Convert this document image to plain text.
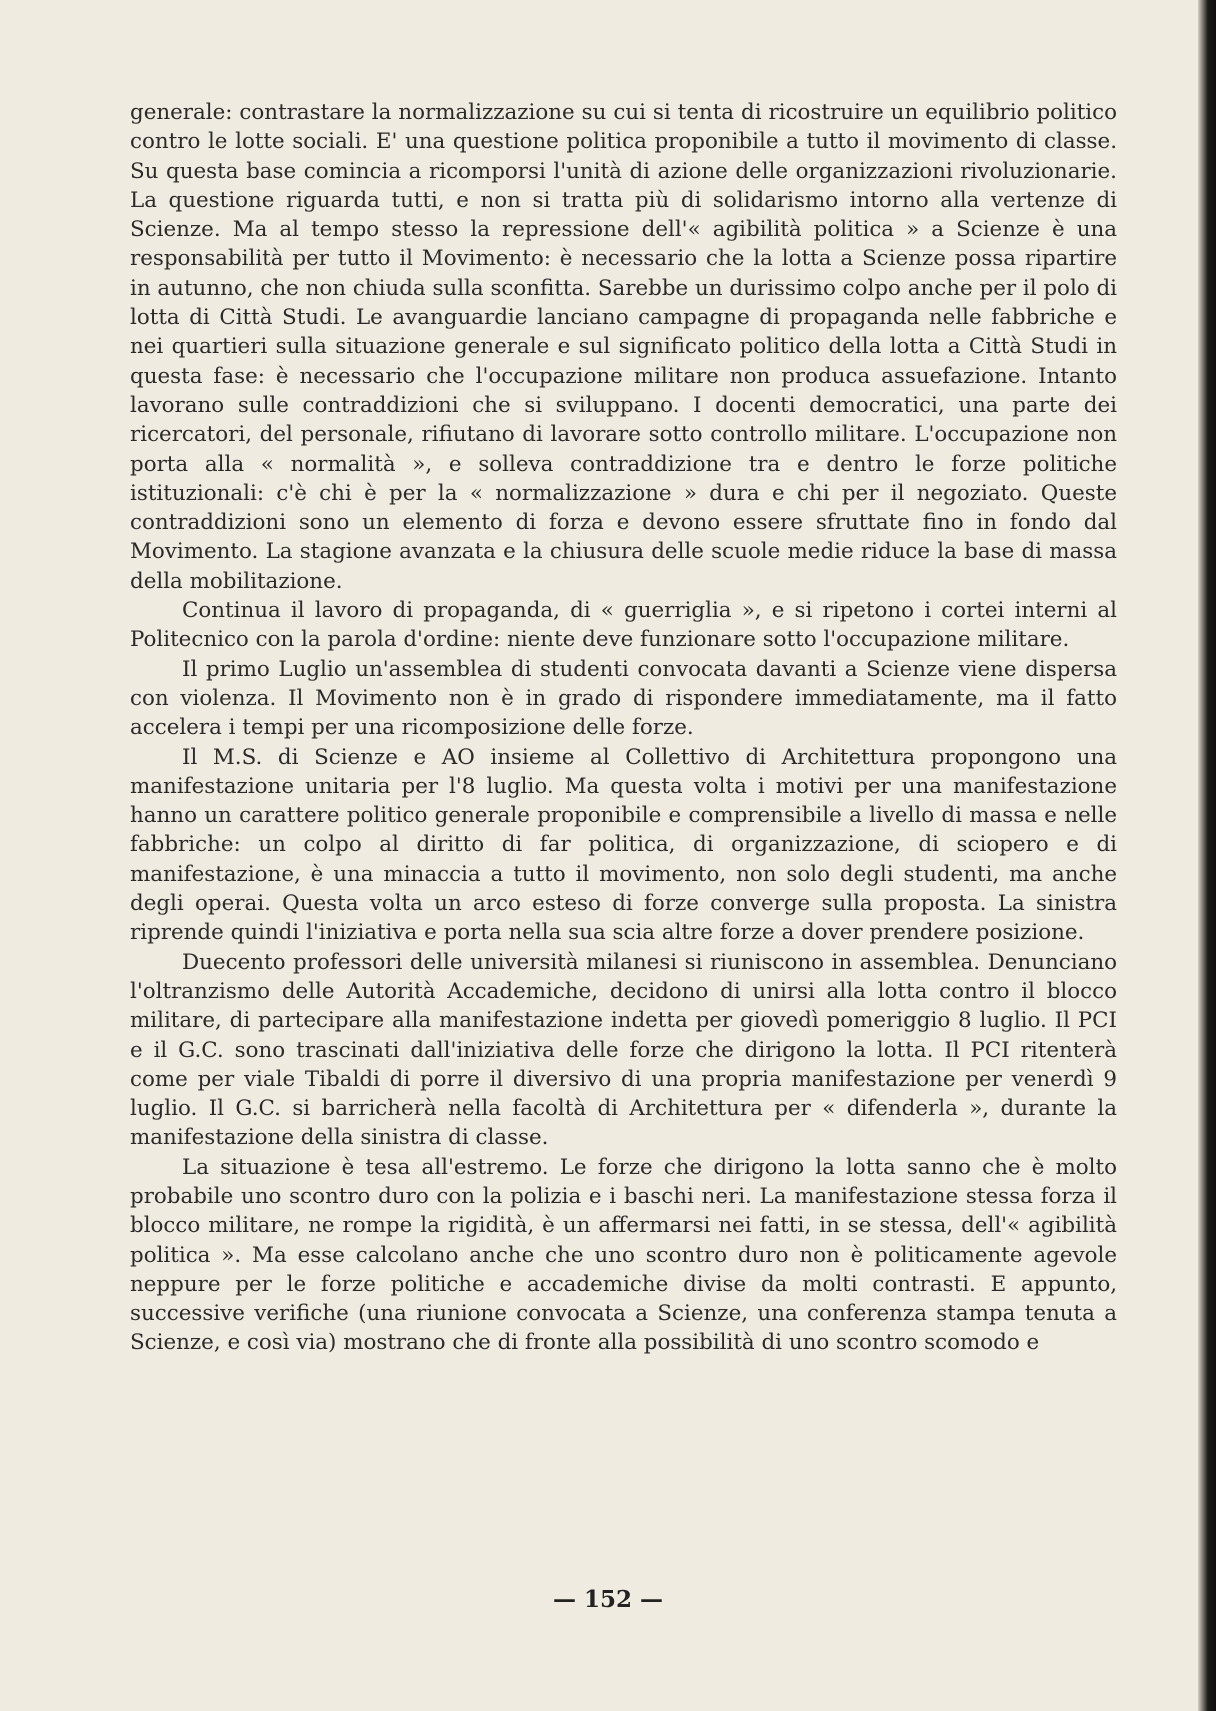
generale: contrastare la normalizzazione su cui si tenta di ricostruire un equilibrio politico contro le lotte sociali. E' una questione politica proponibile a tutto il movimento di classe. Su questa base comincia a ricomporsi l'unità di azione delle organizzazioni rivoluzionarie. La questione riguarda tutti, e non si tratta più di solidarismo intorno alla vertenze di Scienze. Ma al tempo stesso la repressione dell'« agibilità politica » a Scienze è una responsabilità per tutto il Movimento: è necessario che la lotta a Scienze possa ripartire in autunno, che non chiuda sulla sconfitta. Sarebbe un durissimo colpo anche per il polo di lotta di Città Studi. Le avanguardie lanciano campagne di propaganda nelle fabbriche e nei quartieri sulla situazione generale e sul significato politico della lotta a Città Studi in questa fase: è necessario che l'occupazione militare non produca assuefazione. Intanto lavorano sulle contraddizioni che si sviluppano. I docenti democratici, una parte dei ricercatori, del personale, rifiutano di lavorare sotto controllo militare. L'occupazione non porta alla « normalità », e solleva contraddizione tra e dentro le forze politiche istituzionali: c'è chi è per la « normalizzazione » dura e chi per il negoziato. Queste contraddizioni sono un elemento di forza e devono essere sfruttate fino in fondo dal Movimento. La stagione avanzata e la chiusura delle scuole medie riduce la base di massa della mobilitazione.

Continua il lavoro di propaganda, di « guerriglia », e si ripetono i cortei interni al Politecnico con la parola d'ordine: niente deve funzionare sotto l'occupazione militare.

Il primo Luglio un'assemblea di studenti convocata davanti a Scienze viene dispersa con violenza. Il Movimento non è in grado di rispondere immediatamente, ma il fatto accelera i tempi per una ricomposizione delle forze.

Il M.S. di Scienze e AO insieme al Collettivo di Architettura propongono una manifestazione unitaria per l'8 luglio. Ma questa volta i motivi per una manifestazione hanno un carattere politico generale proponibile e comprensibile a livello di massa e nelle fabbriche: un colpo al diritto di far politica, di organizzazione, di sciopero e di manifestazione, è una minaccia a tutto il movimento, non solo degli studenti, ma anche degli operai. Questa volta un arco esteso di forze converge sulla proposta. La sinistra riprende quindi l'iniziativa e porta nella sua scia altre forze a dover prendere posizione.

Duecento professori delle università milanesi si riuniscono in assemblea. Denunciano l'oltranzismo delle Autorità Accademiche, decidono di unirsi alla lotta contro il blocco militare, di partecipare alla manifestazione indetta per giovedì pomeriggio 8 luglio. Il PCI e il G.C. sono trascinati dall'iniziativa delle forze che dirigono la lotta. Il PCI ritenterà come per viale Tibaldi di porre il diversivo di una propria manifestazione per venerdì 9 luglio. Il G.C. si barricherà nella facoltà di Architettura per « difenderla », durante la manifestazione della sinistra di classe.

La situazione è tesa all'estremo. Le forze che dirigono la lotta sanno che è molto probabile uno scontro duro con la polizia e i baschi neri. La manifestazione stessa forza il blocco militare, ne rompe la rigidità, è un affermarsi nei fatti, in se stessa, dell'« agibilità politica ». Ma esse calcolano anche che uno scontro duro non è politicamente agevole neppure per le forze politiche e accademiche divise da molti contrasti. E appunto, successive verifiche (una riunione convocata a Scienze, una conferenza stampa tenuta a Scienze, e così via) mostrano che di fronte alla possibilità di uno scontro scomodo e

— 152 —
